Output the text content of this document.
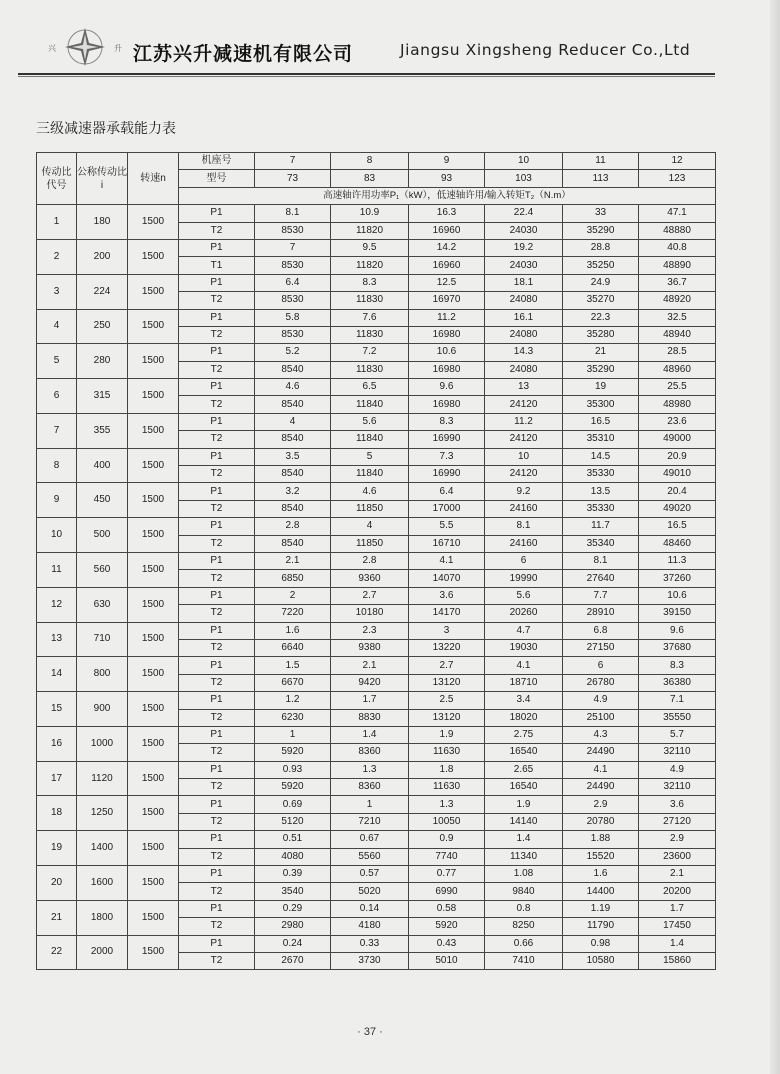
兴	升 江苏兴升减速机有限公司	Jiangsu Xingsheng Reducer Co.,Ltd
三级减速器承载能力表
传动比代号	公称传动比i	转速n	机座号	7	8	9	10	11	12
			型号	73	83	93	103	113	123
			高速轴许用功率P₁（kW），低速轴许用/输入转矩T₂（N.m）						
1	180	1500	P1	8.1	10.9	16.3	22.4	33	47.1
			T2	8530	11820	16960	24030	35290	48880
2	200	1500	P1	7	9.5	14.2	19.2	28.8	40.8
			T1	8530	11820	16960	24030	35250	48890
3	224	1500	P1	6.4	8.3	12.5	18.1	24.9	36.7
			T2	8530	11830	16970	24080	35270	48920
4	250	1500	P1	5.8	7.6	11.2	16.1	22.3	32.5
			T2	8530	11830	16980	24080	35280	48940
5	280	1500	P1	5.2	7.2	10.6	14.3	21	28.5
			T2	8540	11830	16980	24080	35290	48960
6	315	1500	P1	4.6	6.5	9.6	13	19	25.5
			T2	8540	11840	16980	24120	35300	48980
7	355	1500	P1	4	5.6	8.3	11.2	16.5	23.6
			T2	8540	11840	16990	24120	35310	49000
8	400	1500	P1	3.5	5	7.3	10	14.5	20.9
			T2	8540	11840	16990	24120	35330	49010
9	450	1500	P1	3.2	4.6	6.4	9.2	13.5	20.4
			T2	8540	11850	17000	24160	35330	49020
10	500	1500	P1	2.8	4	5.5	8.1	11.7	16.5
			T2	8540	11850	16710	24160	35340	48460
11	560	1500	P1	2.1	2.8	4.1	6	8.1	11.3
			T2	6850	9360	14070	19990	27640	37260
12	630	1500	P1	2	2.7	3.6	5.6	7.7	10.6
			T2	7220	10180	14170	20260	28910	39150
13	710	1500	P1	1.6	2.3	3	4.7	6.8	9.6
			T2	6640	9380	13220	19030	27150	37680
14	800	1500	P1	1.5	2.1	2.7	4.1	6	8.3
			T2	6670	9420	13120	18710	26780	36380
15	900	1500	P1	1.2	1.7	2.5	3.4	4.9	7.1
			T2	6230	8830	13120	18020	25100	35550
16	1000	1500	P1	1	1.4	1.9	2.75	4.3	5.7
			T2	5920	8360	11630	16540	24490	32110
17	1120	1500	P1	0.93	1.3	1.8	2.65	4.1	4.9
			T2	5920	8360	11630	16540	24490	32110
18	1250	1500	P1	0.69	1	1.3	1.9	2.9	3.6
			T2	5120	7210	10050	14140	20780	27120
19	1400	1500	P1	0.51	0.67	0.9	1.4	1.88	2.9
			T2	4080	5560	7740	11340	15520	23600
20	1600	1500	P1	0.39	0.57	0.77	1.08	1.6	2.1
			T2	3540	5020	6990	9840	14400	20200
21	1800	1500	P1	0.29	0.14	0.58	0.8	1.19	1.7
			T2	2980	4180	5920	8250	11790	17450
22	2000	1500	P1	0.24	0.33	0.43	0.66	0.98	1.4
			T2	2670	3730	5010	7410	10580	15860
· 37 ·
